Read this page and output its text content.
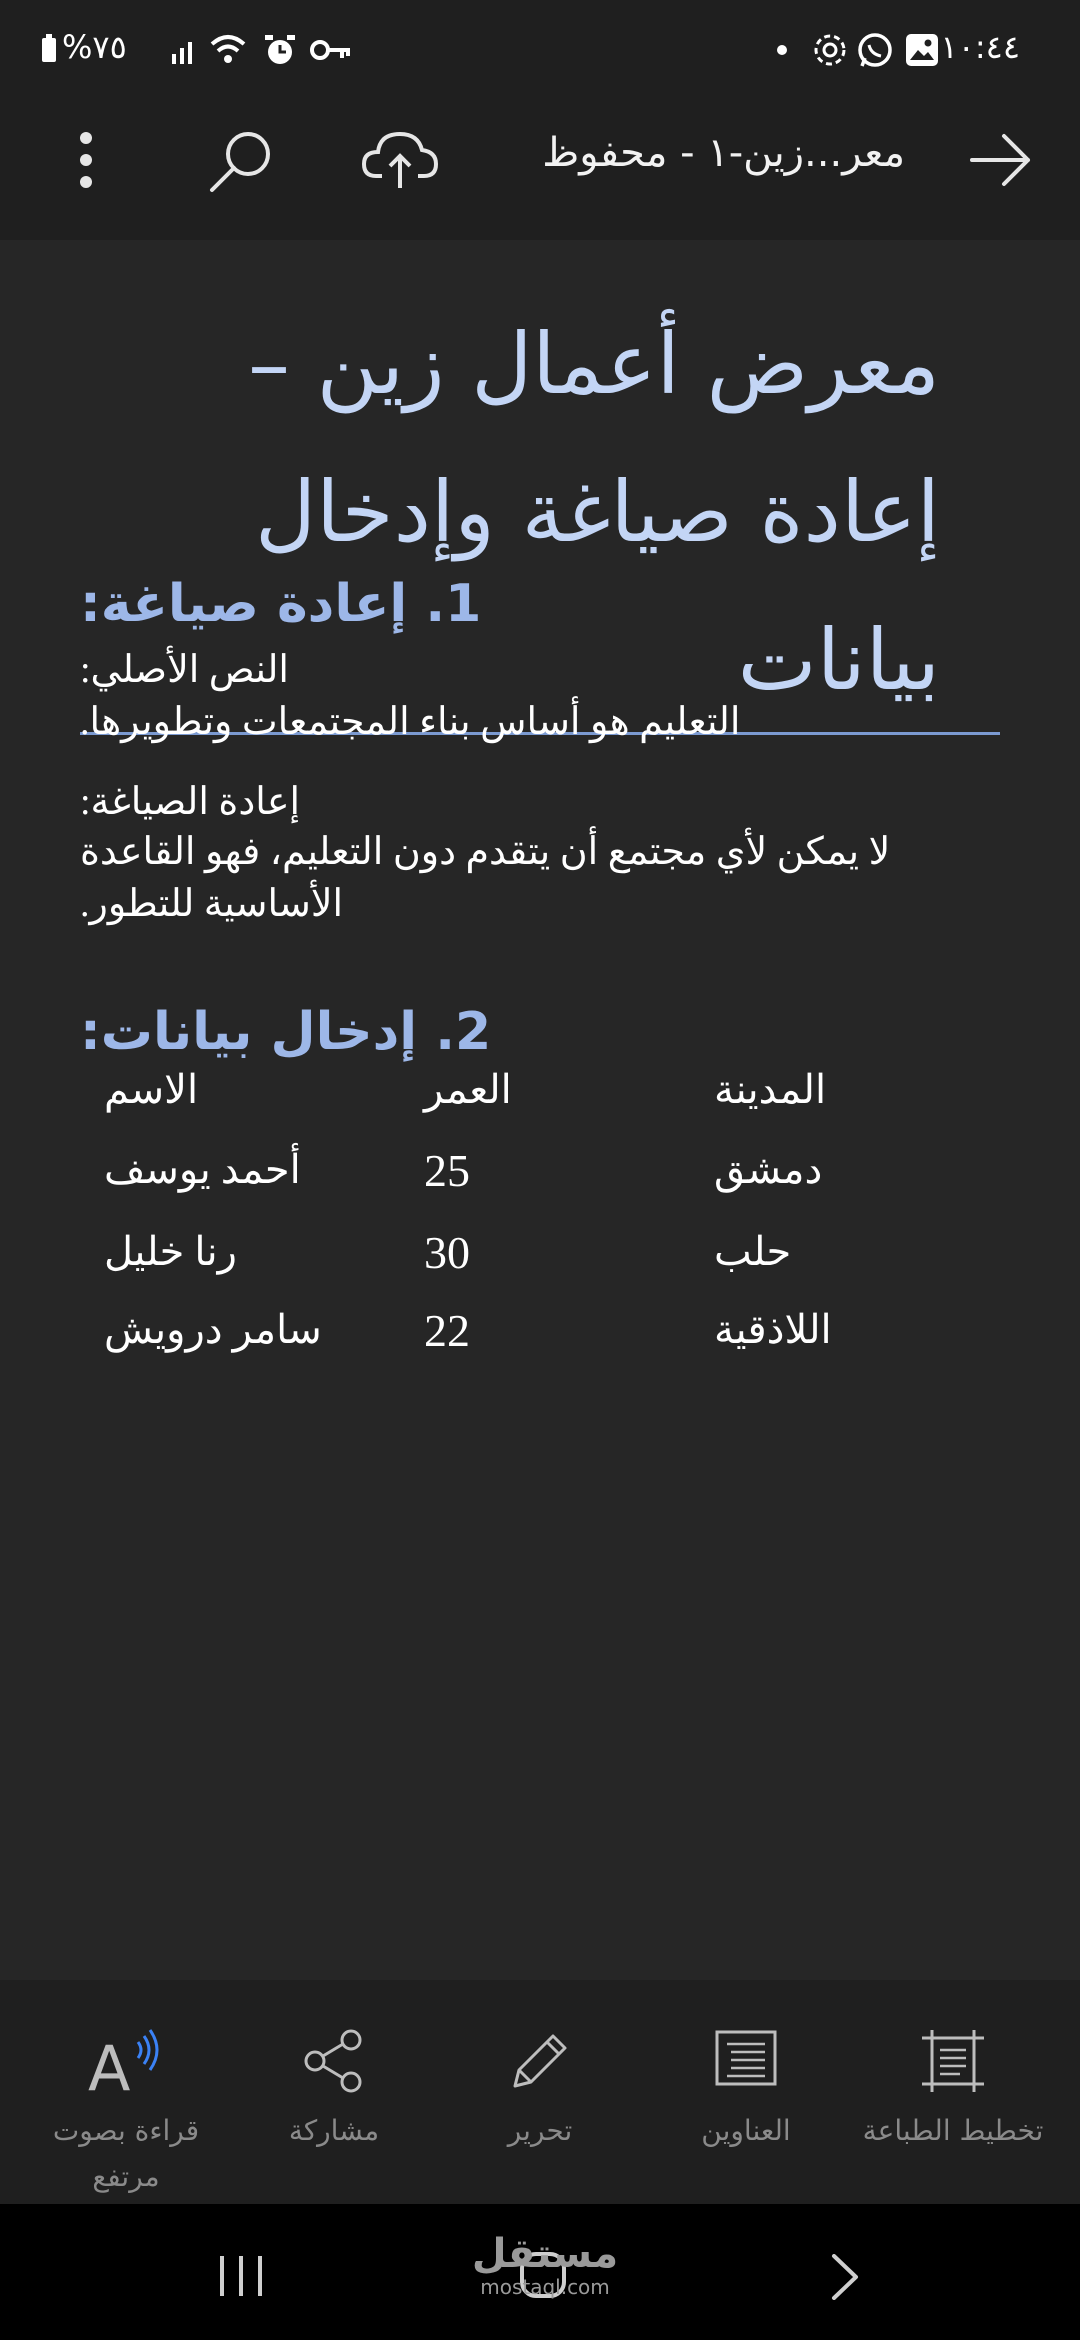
%٧٥	١٠:٤٤
معر...زين-١ - محفوظ
معرض أعمال زين –
إعادة صياغة وإدخال
بيانات
1. إعادة صياغة:
النص الأصلي:
التعليم هو أساس بناء المجتمعات وتطويرها.
إعادة الصياغة:
لا يمكن لأي مجتمع أن يتقدم دون التعليم، فهو القاعدة
الأساسية للتطور.
2. إدخال بيانات:
الاسم	العمر	المدينة
أحمد يوسف	25	دمشق
رنا خليل	30	حلب
سامر درويش 22	اللاذقية
تخطيط الطباعة
العناوين
تحرير
مشاركة
A
قراءة بصوت
مرتفع
مستقل
mostaql.com
